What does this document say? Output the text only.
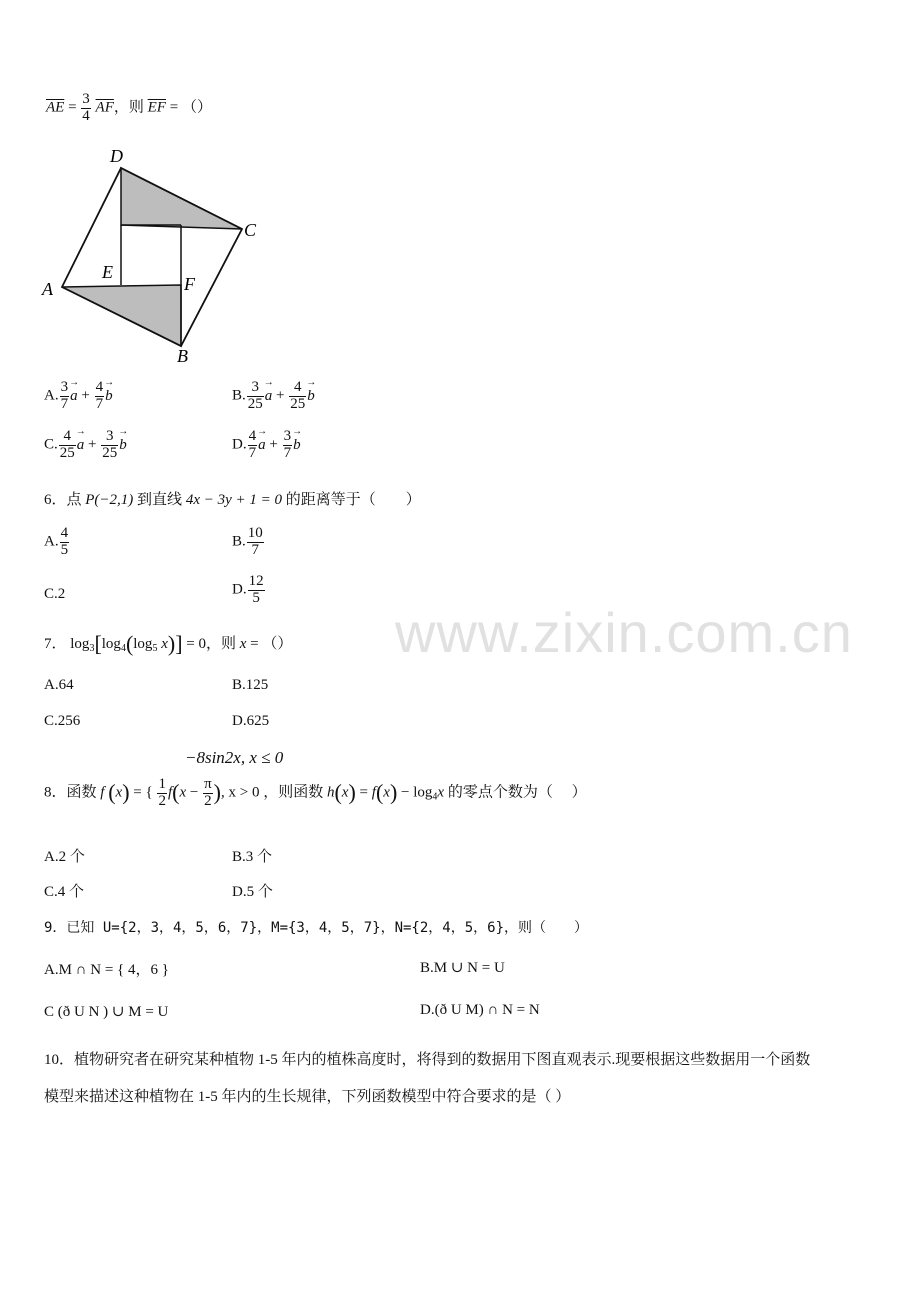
www.zixin.com.cn
$\overline{AE} = \frac{3}{4} \overline{AF}$，则 $\overline{EF}$ = （）
D
C
A
E
F
B
A. $\frac{3}{7} \to a + \frac{4}{7} \to b$	B. $\frac{3}{25} \to a + \frac{4}{25} \to b$
C. $\frac{4}{25} \to a + \frac{3}{25} \to b$	D. $\frac{4}{7} \to a + \frac{3}{7} \to b$
6．点 P(−2,1) 到直线 4x − 3y + 1 = 0 的距离等于（　　）
A. $\frac{4}{5}$	B. $\frac{10}{7}$
C.2	D. $\frac{12}{5}$
7． $\log_3[\log_4(\log_5$ x)] = 0，则 x = （）
A.64	B.125
C.256	D.625
−8sin2x, x ≤ 0
8．函数 f (x) = { $\frac{1}{2} f(x - \frac{\pi}{2}$ ), x > 0 ，则函数 $h(x) = f(x) - \log_4x$ 的零点个数为（　 ）
A.2 个	B.3 个
C.4 个	D.5 个
9．已知 U={2，3，4，5，6，7}，M={3，4，5，7}，N={2，4，5，6}，则（　　）
A.M ∩ N = { 4，6 }	B.M ∪ N = U
C (ð U N ) ∪ M = U	D.(ð U M) ∩ N = N
10．植物研究者在研究某种植物 1-5 年内的植株高度时，将得到的数据用下图直观表示.现要根据这些数据用一个函数
模型来描述这种植物在 1-5 年内的生长规律，下列函数模型中符合要求的是（ ）
